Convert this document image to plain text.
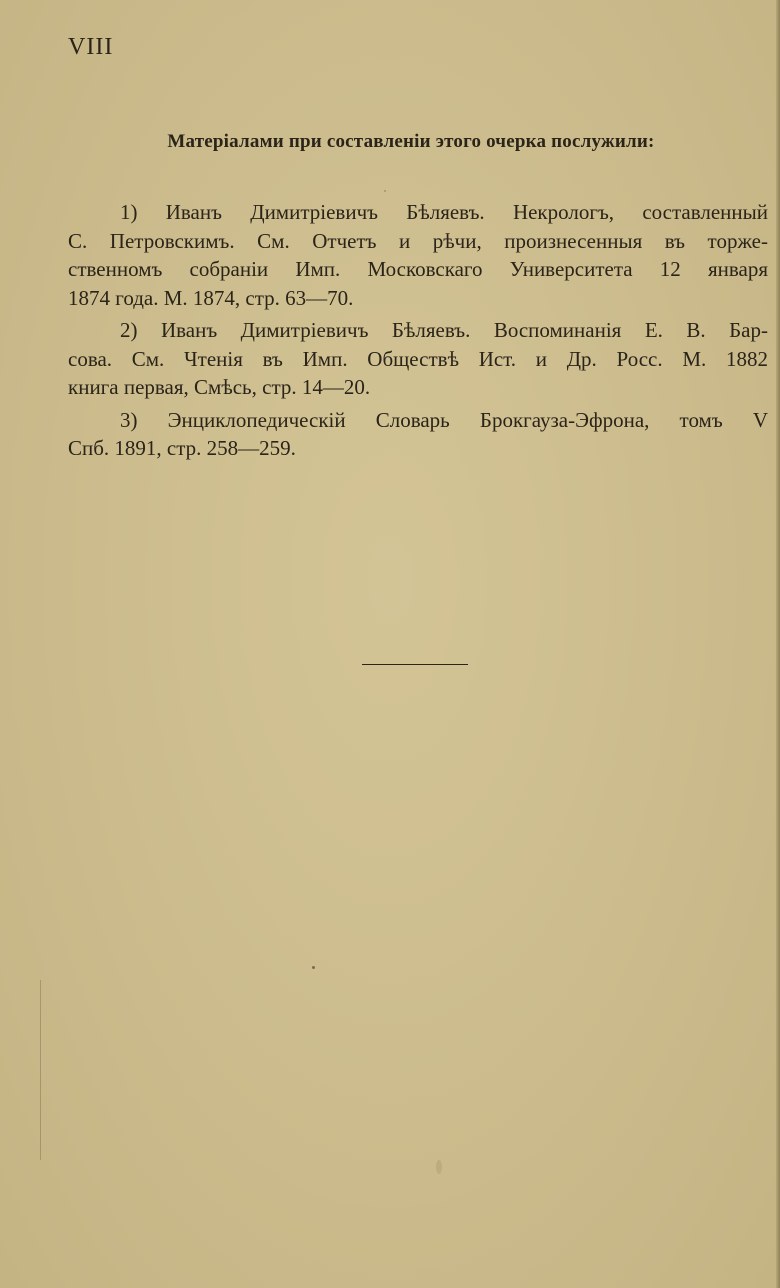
VIII
Матеріалами при составленіи этого очерка послужили:
1) Иванъ Димитріевичъ Бѣляевъ. Некрологъ, составленный
С. Петровскимъ. См. Отчетъ и рѣчи, произнесенныя въ торже-
ственномъ собраніи Имп. Московскаго Университета 12 января
1874 года. М. 1874, стр. 63—70.
2) Иванъ Димитріевичъ Бѣляевъ. Воспоминанія Е. В. Бар-
сова. См. Чтенія въ Имп. Обществѣ Ист. и Др. Росс. М. 1882
книга первая, Смѣсь, стр. 14—20.
3) Энциклопедическій Словарь Брокгауза-Эфрона, томъ V
Спб. 1891, стр. 258—259.
